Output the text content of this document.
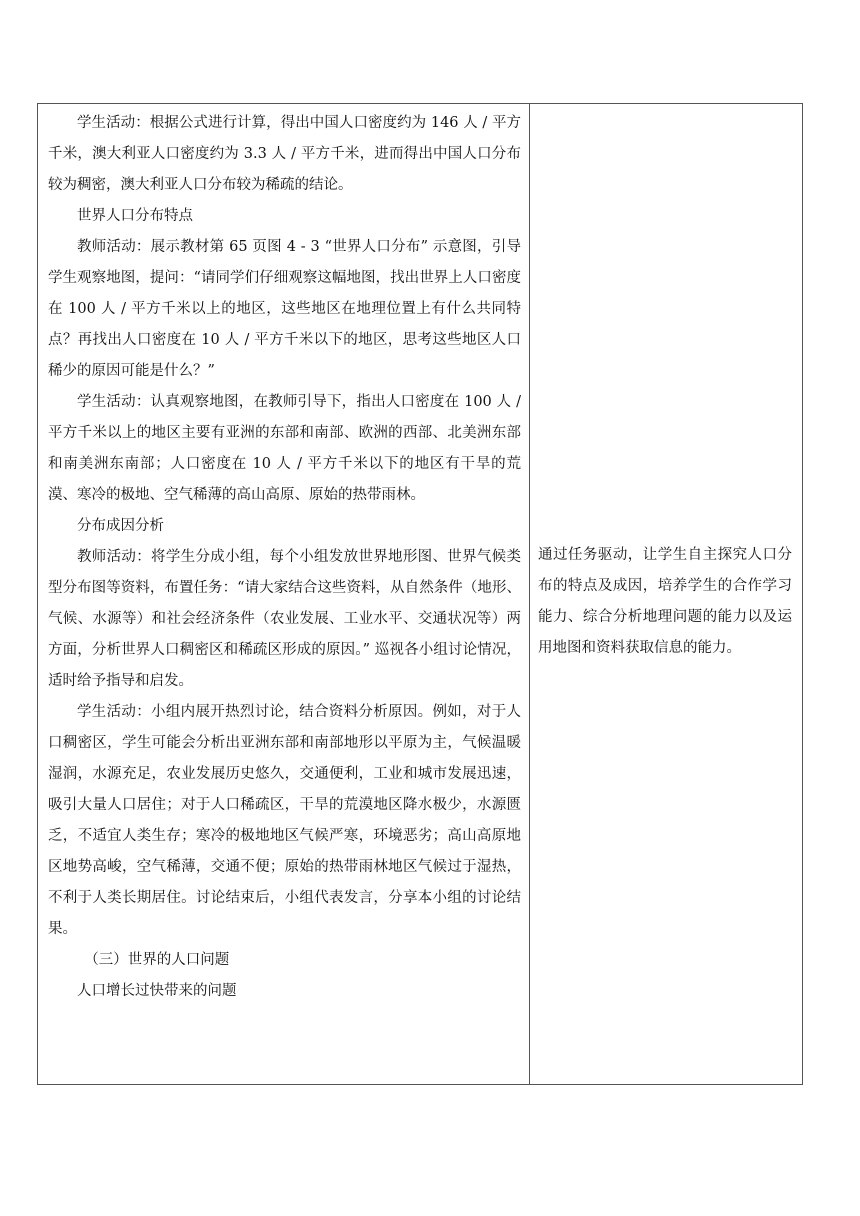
学生活动：根据公式进行计算，得出中国人口密度约为 146 人 / 平方千米，澳大利亚人口密度约为 3.3 人 / 平方千米，进而得出中国人口分布较为稠密，澳大利亚人口分布较为稀疏的结论。

世界人口分布特点

教师活动：展示教材第 65 页图 4 - 3 “世界人口分布” 示意图，引导学生观察地图，提问：“请同学们仔细观察这幅地图，找出世界上人口密度在 100 人 / 平方千米以上的地区，这些地区在地理位置上有什么共同特点？再找出人口密度在 10 人 / 平方千米以下的地区，思考这些地区人口稀少的原因可能是什么？”

学生活动：认真观察地图，在教师引导下，指出人口密度在 100 人 / 平方千米以上的地区主要有亚洲的东部和南部、欧洲的西部、北美洲东部和南美洲东南部；人口密度在 10 人 / 平方千米以下的地区有干旱的荒漠、寒冷的极地、空气稀薄的高山高原、原始的热带雨林。

分布成因分析

教师活动：将学生分成小组，每个小组发放世界地形图、世界气候类型分布图等资料，布置任务：“请大家结合这些资料，从自然条件（地形、气候、水源等）和社会经济条件（农业发展、工业水平、交通状况等）两方面，分析世界人口稠密区和稀疏区形成的原因。” 巡视各小组讨论情况，适时给予指导和启发。

学生活动：小组内展开热烈讨论，结合资料分析原因。例如，对于人口稠密区，学生可能会分析出亚洲东部和南部地形以平原为主，气候温暖湿润，水源充足，农业发展历史悠久，交通便利，工业和城市发展迅速，吸引大量人口居住；对于人口稀疏区，干旱的荒漠地区降水极少，水源匮乏，不适宜人类生存；寒冷的极地地区气候严寒，环境恶劣；高山高原地区地势高峻，空气稀薄，交通不便；原始的热带雨林地区气候过于湿热，不利于人类长期居住。讨论结束后，小组代表发言，分享本小组的讨论结果。

（三）世界的人口问题

人口增长过快带来的问题

通过任务驱动，让学生自主探究人口分布的特点及成因，培养学生的合作学习能力、综合分析地理问题的能力以及运用地图和资料获取信息的能力。
